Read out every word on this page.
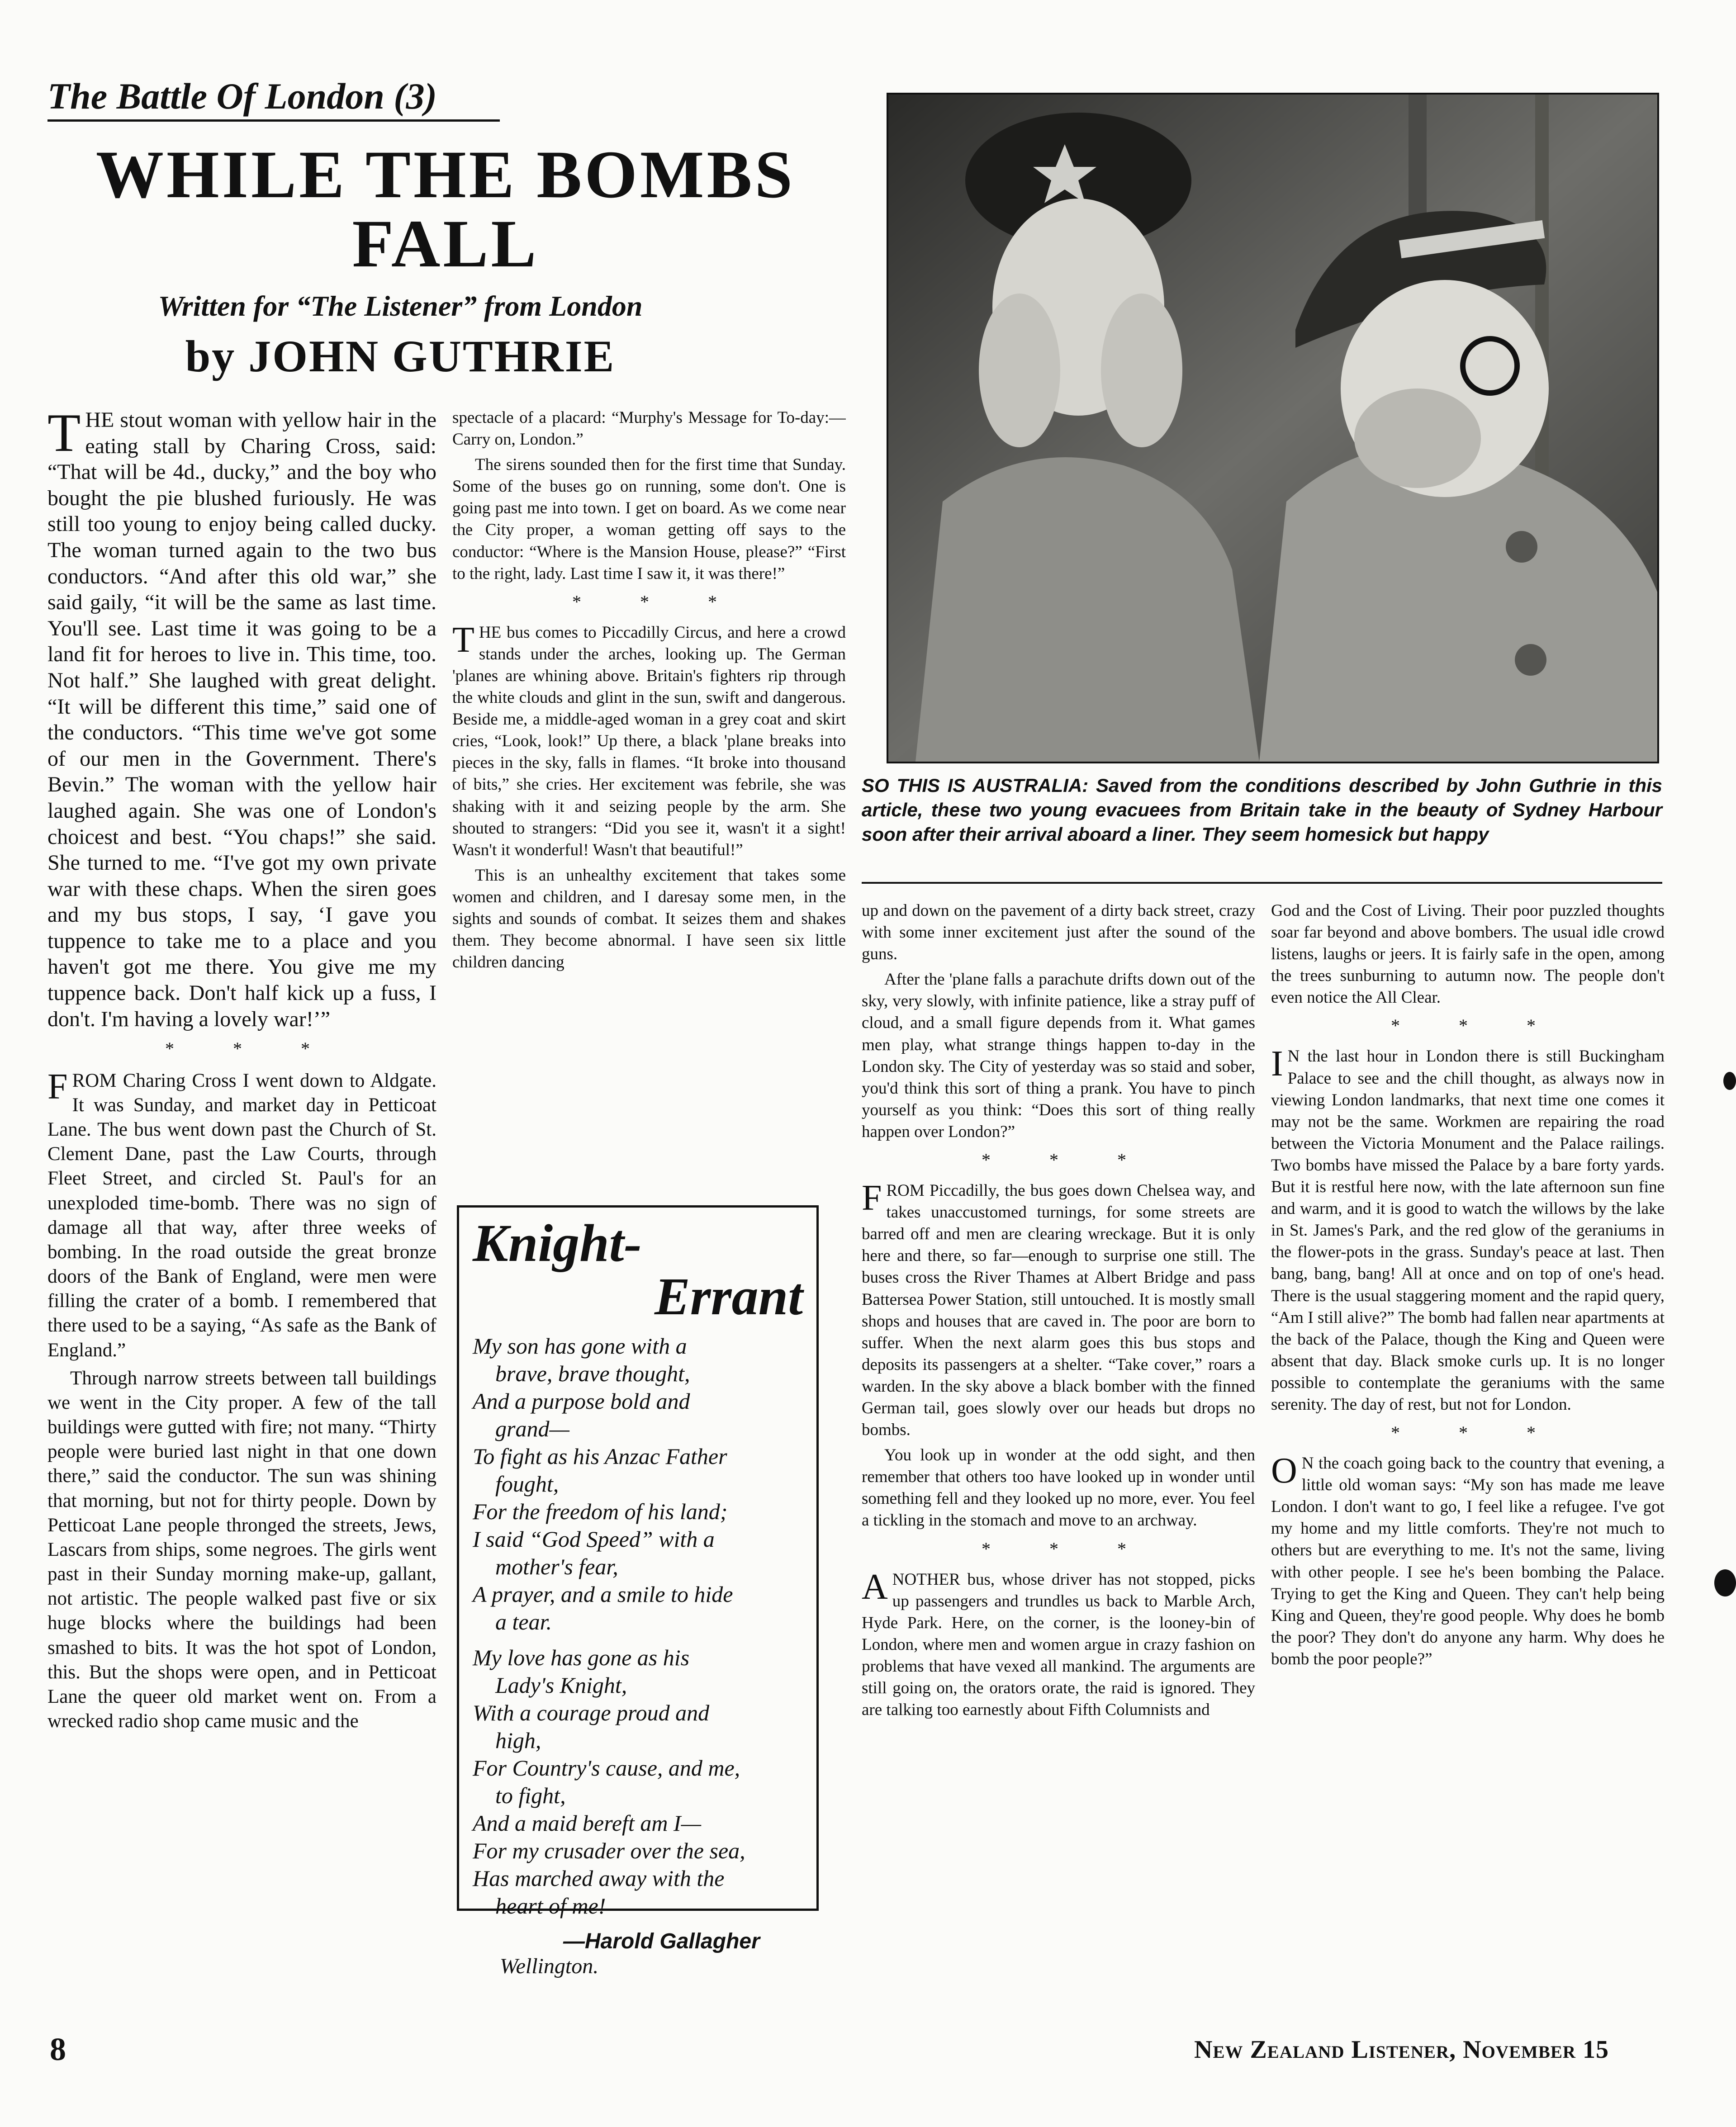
The Battle Of London (3)
WHILE THE BOMBS
FALL
Written for “The Listener” from London
by JOHN GUTHRIE

THE stout woman with yellow hair in the eating stall by Charing Cross, said: “That will be 4d., ducky,” and the boy who bought the pie blushed furiously. He was still too young to enjoy being called ducky. The woman turned again to the two bus conductors. “And after this old war,” she said gaily, “it will be the same as last time. You'll see. Last time it was going to be a land fit for heroes to live in. This time, too. Not half.” She laughed with great delight. “It will be different this time,” said one of the conductors. “This time we've got some of our men in the Government. There's Bevin.” The woman with the yellow hair laughed again. She was one of London's choicest and best. “You chaps!” she said. She turned to me. “I've got my own private war with these chaps. When the siren goes and my bus stops, I say, ‘I gave you tuppence to take me to a place and you haven't got me there. You give me my tuppence back. Don't half kick up a fuss, I don't. I'm having a lovely war!’”

* * *

FROM Charing Cross I went down to Aldgate. It was Sunday, and market day in Petticoat Lane. The bus went down past the Church of St. Clement Dane, past the Law Courts, through Fleet Street, and circled St. Paul's for an unexploded time-bomb. There was no sign of damage all that way, after three weeks of bombing. In the road outside the great bronze doors of the Bank of England, were men were filling the crater of a bomb. I remembered that there used to be a saying, “As safe as the Bank of England.”

Through narrow streets between tall buildings we went in the City proper. A few of the tall buildings were gutted with fire; not many. “Thirty people were buried last night in that one down there,” said the conductor. The sun was shining that morning, but not for thirty people. Down by Petticoat Lane people thronged the streets, Jews, Lascars from ships, some negroes. The girls went past in their Sunday morning make-up, gallant, not artistic. The people walked past five or six huge blocks where the buildings had been smashed to bits. It was the hot spot of London, this. But the shops were open, and in Petticoat Lane the queer old market went on. From a wrecked radio shop came music and the

spectacle of a placard: “Murphy's Message for To-day:—Carry on, London.”

The sirens sounded then for the first time that Sunday. Some of the buses go on running, some don't. One is going past me into town. I get on board. As we come near the City proper, a woman getting off says to the conductor: “Where is the Mansion House, please?” “First to the right, lady. Last time I saw it, it was there!”

* * *

THE bus comes to Piccadilly Circus, and here a crowd stands under the arches, looking up. The German 'planes are whining above. Britain's fighters rip through the white clouds and glint in the sun, swift and dangerous. Beside me, a middle-aged woman in a grey coat and skirt cries, “Look, look!” Up there, a black 'plane breaks into pieces in the sky, falls in flames. “It broke into thousand of bits,” she cries. Her excitement was febrile, she was shaking with it and seizing people by the arm. She shouted to strangers: “Did you see it, wasn't it a sight! Wasn't it wonderful! Wasn't that beautiful!”

This is an unhealthy excitement that takes some women and children, and I daresay some men, in the sights and sounds of combat. It seizes them and shakes them. They become abnormal. I have seen six little children dancing

Knight-
Errant
My son has gone with a
brave, brave thought,
And a purpose bold and
grand—
To fight as his Anzac Father
fought,
For the freedom of his land;
I said “God Speed” with a
mother's fear,
A prayer, and a smile to hide
a tear.
My love has gone as his
Lady's Knight,
With a courage proud and
high,
For Country's cause, and me,
to fight,
And a maid bereft am I—
For my crusader over the sea,
Has marched away with the
heart of me!
—Harold Gallagher
Wellington.
SO THIS IS AUSTRALIA: Saved from the conditions described by John Guthrie in this article, these two young evacuees from Britain take in the beauty of Sydney Harbour soon after their arrival aboard a liner. They seem homesick but happy

up and down on the pavement of a dirty back street, crazy with some inner excitement just after the sound of the guns.

After the 'plane falls a parachute drifts down out of the sky, very slowly, with infinite patience, like a stray puff of cloud, and a small figure depends from it. What games men play, what strange things happen to-day in the London sky. The City of yesterday was so staid and sober, you'd think this sort of thing a prank. You have to pinch yourself as you think: “Does this sort of thing really happen over London?”

* * *

FROM Piccadilly, the bus goes down Chelsea way, and takes unaccustomed turnings, for some streets are barred off and men are clearing wreckage. But it is only here and there, so far—enough to surprise one still. The buses cross the River Thames at Albert Bridge and pass Battersea Power Station, still untouched. It is mostly small shops and houses that are caved in. The poor are born to suffer. When the next alarm goes this bus stops and deposits its passengers at a shelter. “Take cover,” roars a warden. In the sky above a black bomber with the finned German tail, goes slowly over our heads but drops no bombs.

You look up in wonder at the odd sight, and then remember that others too have looked up in wonder until something fell and they looked up no more, ever. You feel a tickling in the stomach and move to an archway.

* * *

ANOTHER bus, whose driver has not stopped, picks up passengers and trundles us back to Marble Arch, Hyde Park. Here, on the corner, is the looney-bin of London, where men and women argue in crazy fashion on problems that have vexed all mankind. The arguments are still going on, the orators orate, the raid is ignored. They are talking too earnestly about Fifth Columnists and

God and the Cost of Living. Their poor puzzled thoughts soar far beyond and above bombers. The usual idle crowd listens, laughs or jeers. It is fairly safe in the open, among the trees sunburning to autumn now. The people don't even notice the All Clear.

* * *

I N the last hour in London there is still Buckingham Palace to see and the chill thought, as always now in viewing London landmarks, that next time one comes it may not be the same. Workmen are repairing the road between the Victoria Monument and the Palace railings. Two bombs have missed the Palace by a bare forty yards. But it is restful here now, with the late afternoon sun fine and warm, and it is good to watch the willows by the lake in St. James's Park, and the red glow of the geraniums in the flower-pots in the grass. Sunday's peace at last. Then bang, bang, bang! All at once and on top of one's head. There is the usual staggering moment and the rapid query, “Am I still alive?” The bomb had fallen near apartments at the back of the Palace, though the King and Queen were absent that day. Black smoke curls up. It is no longer possible to contemplate the geraniums with the same serenity. The day of rest, but not for London.

* * *

O N the coach going back to the country that evening, a little old woman says: “My son has made me leave London. I don't want to go, I feel like a refugee. I've got my home and my little comforts. They're not much to others but are everything to me. It's not the same, living with other people. I see he's been bombing the Palace. Trying to get the King and Queen. They can't help being King and Queen, they're good people. Why does he bomb the poor? They don't do anyone any harm. Why does he bomb the poor people?”

8	New Zealand Listener, November 15
